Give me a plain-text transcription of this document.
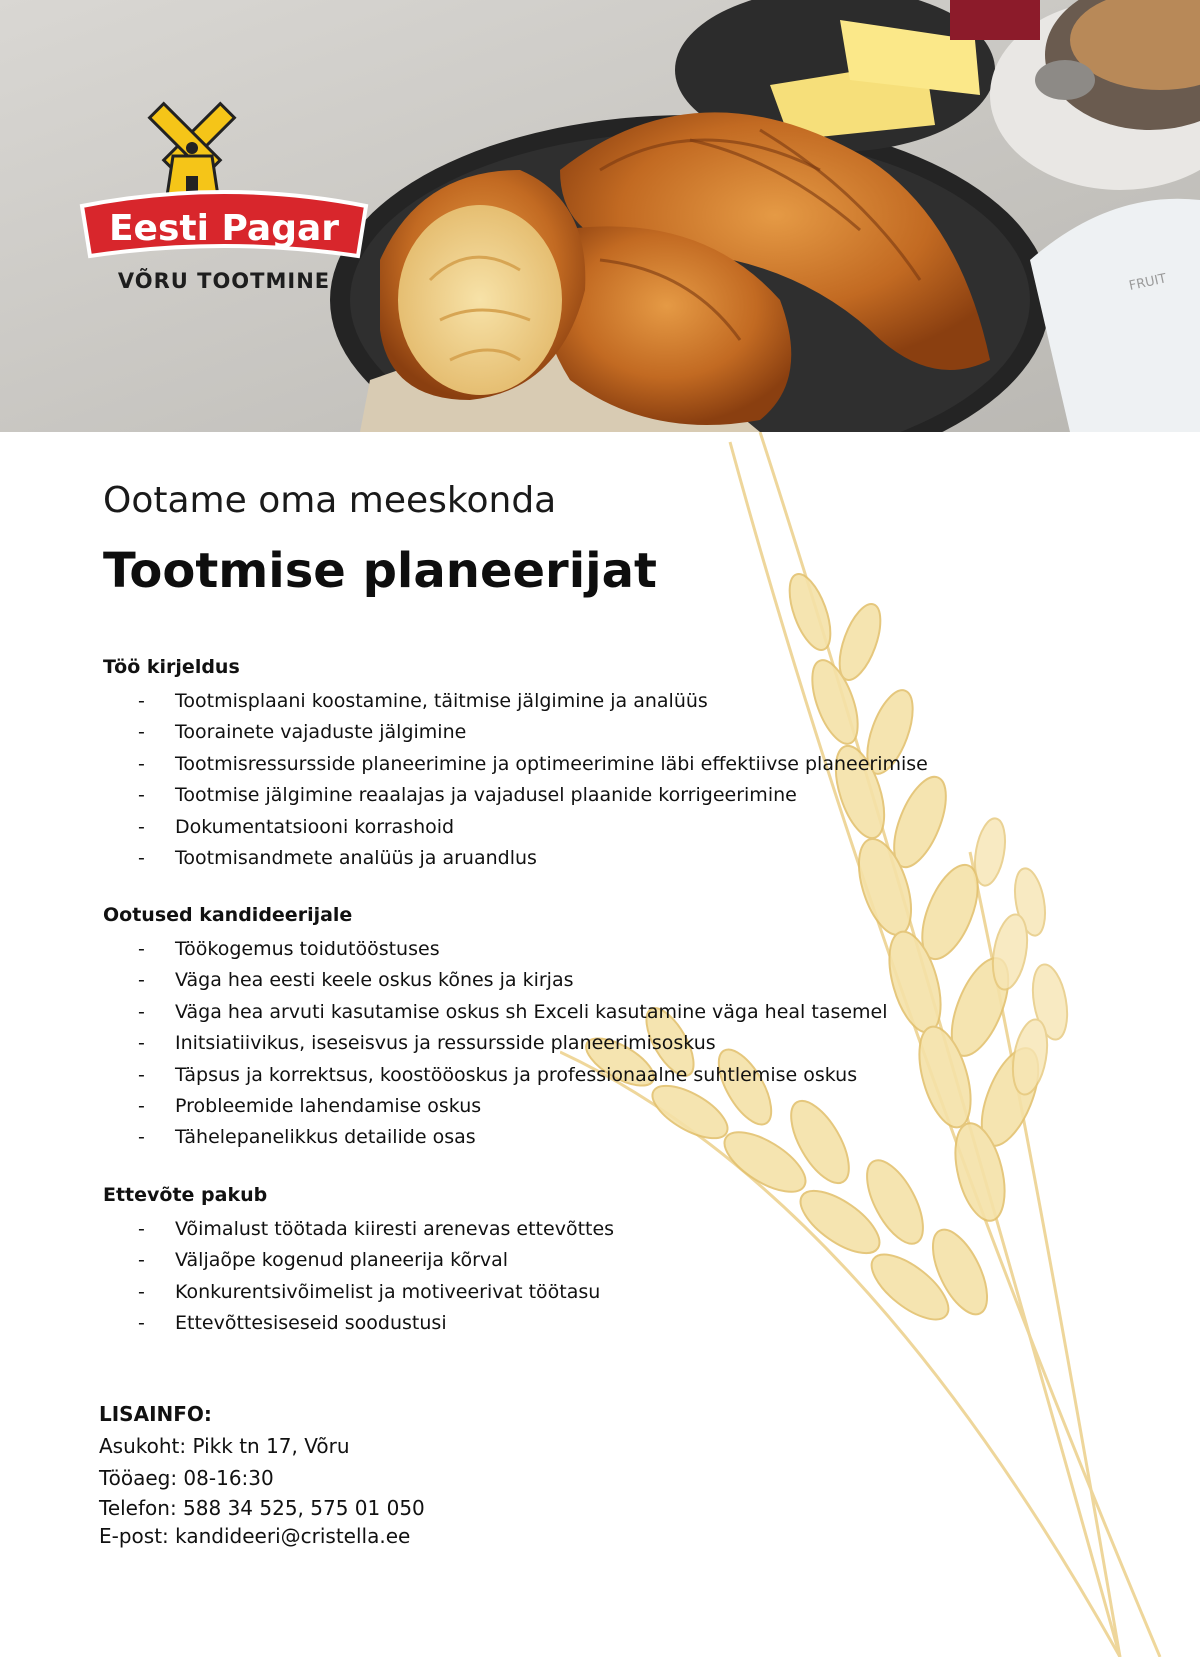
FRUIT
Eesti Pagar
VÕRU TOOTMINE
Ootame oma meeskonda
Tootmise planeerijat
Töö kirjeldus
- Tootmisplaani koostamine, täitmise jälgimine ja analüüs
- Toorainete vajaduste jälgimine
- Tootmisressursside planeerimine ja optimeerimine läbi effektiivse planeerimise
- Tootmise jälgimine reaalajas ja vajadusel plaanide korrigeerimine
- Dokumentatsiooni korrashoid
- Tootmisandmete analüüs ja aruandlus
Ootused kandideerijale
- Töökogemus toidutööstuses
- Väga hea eesti keele oskus kõnes ja kirjas
- Väga hea arvuti kasutamise oskus sh Exceli kasutamine väga heal tasemel
- Initsiatiivikus, iseseisvus ja ressursside planeerimisoskus
- Täpsus ja korrektsus, koostööoskus ja professionaalne suhtlemise oskus
- Probleemide lahendamise oskus
- Tähelepanelikkus detailide osas
Ettevõte pakub
- Võimalust töötada kiiresti arenevas ettevõttes
- Väljaõpe kogenud planeerija kõrval
- Konkurentsivõimelist ja motiveerivat töötasu
- Ettevõttesiseseid soodustusi
LISAINFO:
Asukoht: Pikk tn 17, Võru
Tööaeg: 08-16:30
Telefon: 588 34 525, 575 01 050
E-post: kandideeri@cristella.ee
